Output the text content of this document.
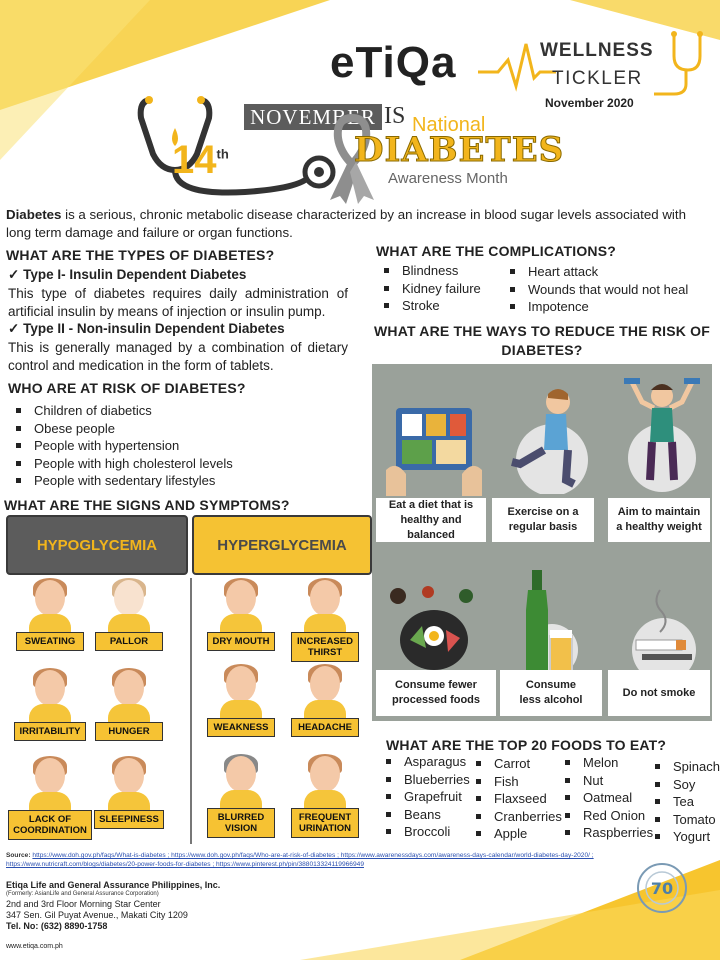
eTiQa	WELLNESS
TICKLER
November 2020
14th
NOVEMBER IS National
DIABETES
Awareness Month
Diabetes is a serious, chronic metabolic disease characterized by an increase in blood sugar levels associated with long term damage and failure or organ functions.
WHAT ARE THE TYPES OF DIABETES?
✓ Type I- Insulin Dependent Diabetes
This type of diabetes requires daily administration of artificial insulin by means of injection or insulin pump.
✓ Type II - Non-insulin Dependent Diabetes
This is generally managed by a combination of dietary control and medication in the form of tablets.
WHO ARE AT RISK OF DIABETES?
Children of diabetics
Obese people
People with hypertension
People with high cholesterol levels
People with sedentary lifestyles
WHAT ARE THE COMPLICATIONS?
Blindness
Kidney failure
Stroke
Heart attack
Wounds that would not heal
Impotence
WHAT ARE THE WAYS TO REDUCE THE RISK OF DIABETES?
Eat a diet that is
healthy and balanced
Exercise on a
regular basis
Aim to maintain
a healthy weight
Consume fewer
processed foods
Consume
less alcohol
Do not smoke
WHAT ARE THE SIGNS AND SYMPTOMS?
HYPOGLYCEMIA	HYPERGLYCEMIA
SWEATING	PALLOR
IRRITABILITY	HUNGER
LACK OF
COORDINATION
SLEEPINESS
DRY MOUTH	INCREASED
THIRST
WEAKNESS	HEADACHE
BLURRED
VISION
FREQUENT
URINATION
WHAT ARE THE TOP 20 FOODS TO EAT?
Asparagus
Blueberries
Grapefruit
Beans
Broccoli
Carrot
Fish
Flaxseed
Cranberries
Apple
Melon
Nut
Oatmeal
Red Onion
Raspberries
Spinach
Soy
Tea
Tomato
Yogurt
Source: https://www.doh.gov.ph/faqs/What-is-diabetes ; https://www.doh.gov.ph/faqs/Who-are-at-risk-of-diabetes ; https://www.awarenessdays.com/awareness-days-calendar/world-diabetes-day-2020/ ; https://www.nutricraft.com/blogs/diabetes/20-power-foods-for-diabetes ; https://www.pinterest.ph/pin/388013324119966949
Etiqa Life and General Assurance Philippines, Inc.
(Formerly: AsianLife and General Assurance Corporation)
2nd and 3rd Floor Morning Star Center
347 Sen. Gil Puyat Avenue., Makati City 1209
Tel. No: (632) 8890-1758
www.etiqa.com.ph
70
